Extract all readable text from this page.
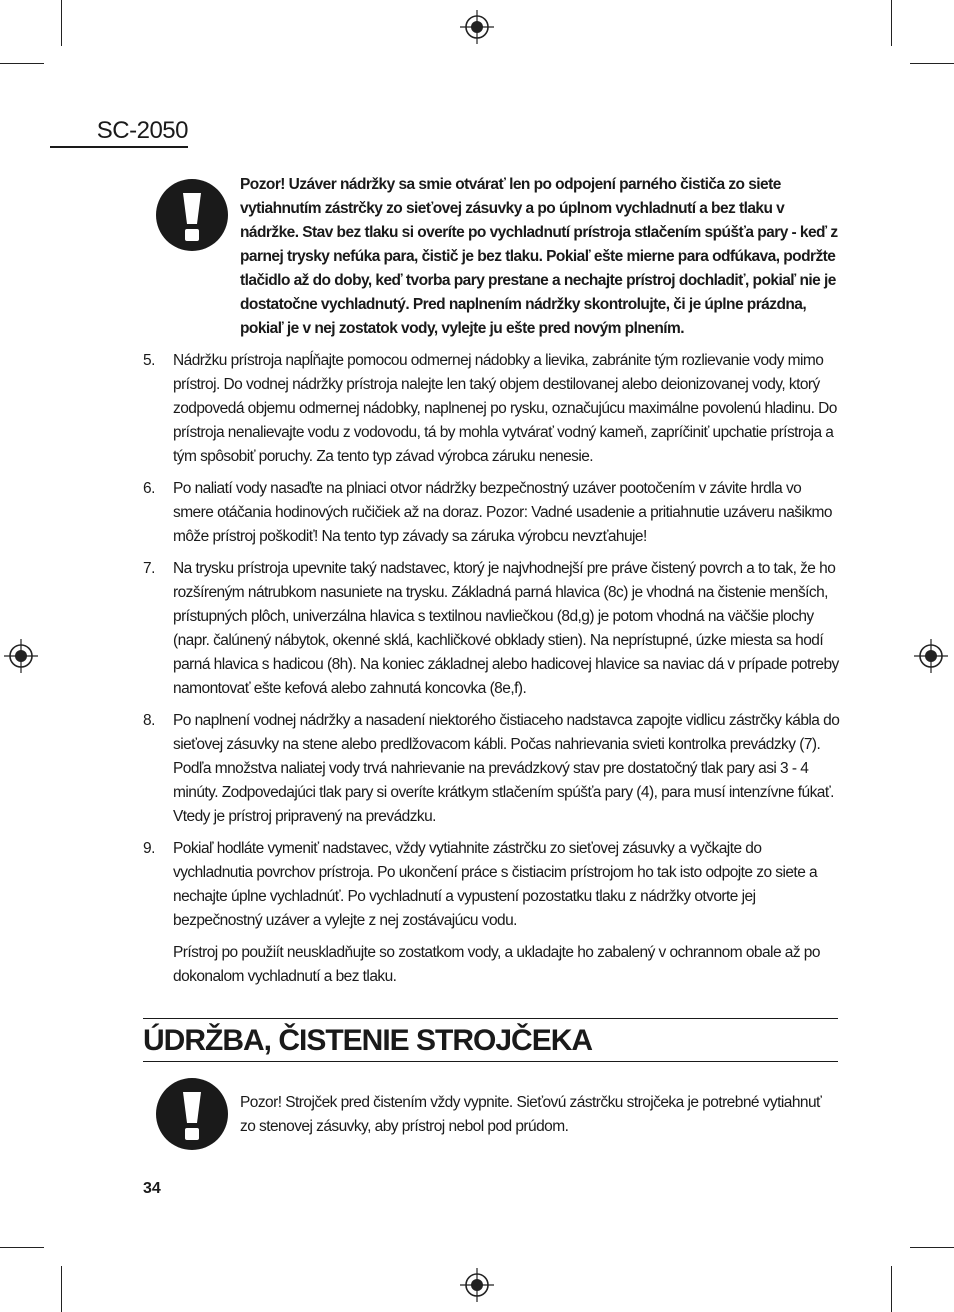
SC-2050
Pozor! Uzáver nádržky sa smie otvárať len po odpojení parného čističa zo siete vytiahnutím zástrčky zo sieťovej zásuvky a po úplnom vychladnutí a bez tlaku v nádržke. Stav bez tlaku si overíte po vychladnutí prístroja stlačením spúšťa pary - keď z parnej trysky nefúka para, čistič je bez tlaku. Pokiaľ ešte mierne para odfúkava, podržte tlačidlo až do doby, keď tvorba pary prestane a nechajte prístroj dochladiť, pokiaľ nie je dostatočne vychladnutý. Pred naplnením nádržky skontrolujte, či je úplne prázdna, pokiaľ je v nej zostatok vody, vylejte ju ešte pred novým plnením.
5. Nádržku prístroja napĺňajte pomocou odmernej nádobky a lievika, zabránite tým rozlievanie vody mimo prístroj. Do vodnej nádržky prístroja nalejte len taký objem destilovanej alebo deionizovanej vody, ktorý zodpovedá objemu odmernej nádobky, naplnenej po rysku, označujúcu maximálne povolenú hladinu. Do prístroja nenalievajte vodu z vodovodu, tá by mohla vytvárať vodný kameň, zapríčiniť upchatie prístroja a tým spôsobiť poruchy. Za tento typ závad výrobca záruku nenesie.
6. Po naliatí vody nasaďte na plniaci otvor nádržky bezpečnostný uzáver pootočením v závite hrdla vo smere otáčania hodinových ručičiek až na doraz. Pozor: Vadné usadenie a pritiahnutie uzáveru našikmo môže prístroj poškodiť! Na tento typ závady sa záruka výrobcu nevzťahuje!
7. Na trysku prístroja upevnite taký nadstavec, ktorý je najvhodnejší pre práve čistený povrch a to tak, že ho rozšíreným nátrubkom nasuniete na trysku. Základná parná hlavica (8c) je vhodná na čistenie menších, prístupných plôch, univerzálna hlavica s textilnou navliečkou (8d,g) je potom vhodná na väčšie plochy (napr. čalúnený nábytok, okenné sklá, kachličkové obklady stien). Na neprístupné, úzke miesta sa hodí parná hlavica s hadicou (8h). Na koniec základnej alebo hadicovej hlavice sa naviac dá v prípade potreby namontovať ešte kefová alebo zahnutá koncovka (8e,f).
8. Po naplnení vodnej nádržky a nasadení niektorého čistiaceho nadstavca zapojte vidlicu zástrčky kábla do sieťovej zásuvky na stene alebo predlžovacom kábli. Počas nahrievania svieti kontrolka prevádzky (7). Podľa množstva naliatej vody trvá nahrievanie na prevádzkový stav pre dostatočný tlak pary asi 3 - 4 minúty. Zodpovedajúci tlak pary si overíte krátkym stlačením spúšťa pary (4), para musí intenzívne fúkať. Vtedy je prístroj pripravený na prevádzku.
9. Pokiaľ hodláte vymeniť nadstavec, vždy vytiahnite zástrčku zo sieťovej zásuvky a vyčkajte do vychladnutia povrchov prístroja. Po ukončení práce s čistiacim prístrojom ho tak isto odpojte zo siete a nechajte úplne vychladnúť. Po vychladnutí a vypustení pozostatku tlaku z nádržky otvorte jej bezpečnostný uzáver a vylejte z nej zostávajúcu vodu.
Prístroj po použiít neuskladňujte so zostatkom vody, a ukladajte ho zabalený v ochrannom obale až po dokonalom vychladnutí a bez tlaku.
ÚDRŽBA, ČISTENIE STROJČEKA
Pozor! Strojček pred čistením vždy vypnite. Sieťovú zástrčku strojčeka je potrebné vytiahnuť zo stenovej zásuvky, aby prístroj nebol pod prúdom.
34
